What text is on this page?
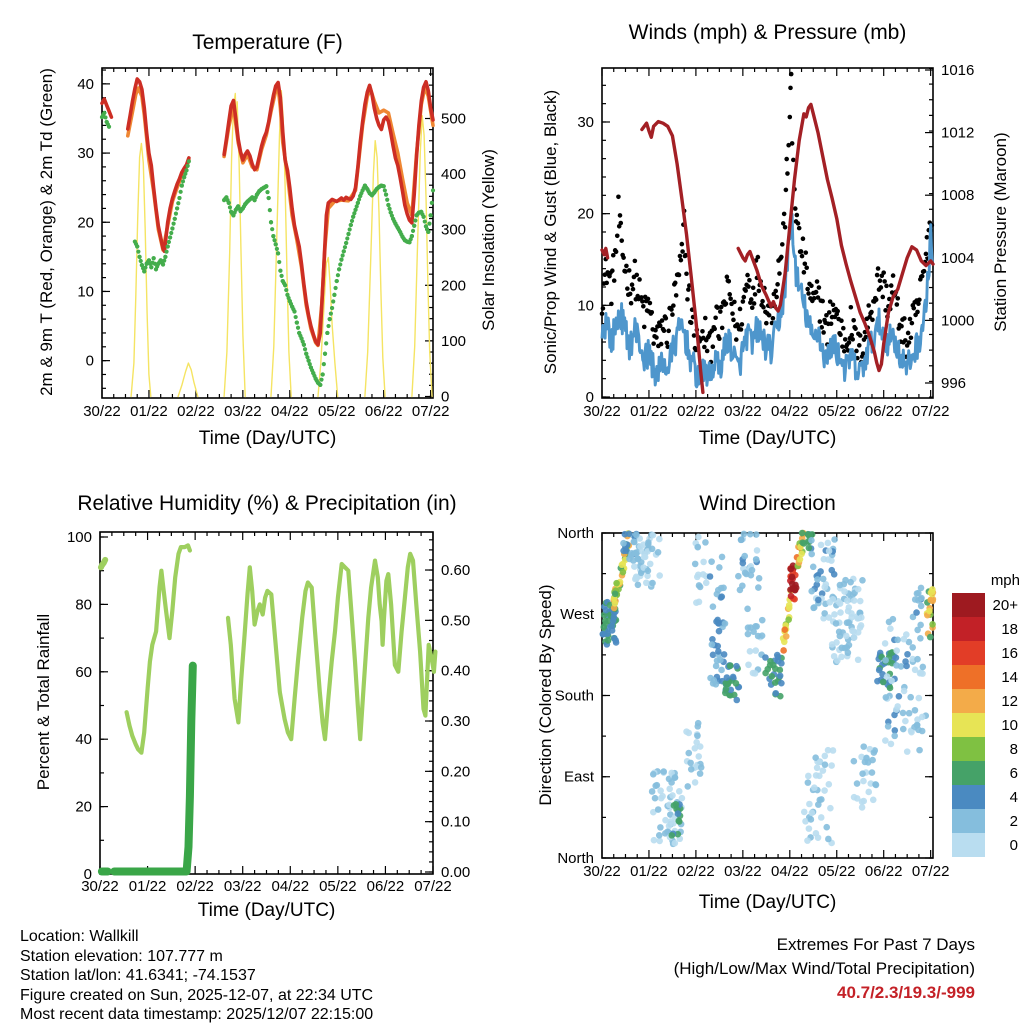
30/22 01/22 02/22 03/22 04/22 05/22 06/22 07/22
0
10
20
30
40
0
100
200
300
400
500
30/22 01/22 02/22 03/22 04/22 05/22 06/22 07/22
0
10
20
30
996
1000
1004
1008
1012
1016
30/22 01/22 02/22 03/22 04/22 05/22 06/22 07/22
0
20
40
60
80
100
0.00
0.10
0.20
0.30
0.40
0.50
0.60
30/22 01/22 02/22 03/22 04/22 05/22 06/22 07/22
North
West
South
East
North
mph
20+
18
16
14
12
10
8
6
4
2
0
Temperature (F)	Winds (mph) & Pressure (mb)
Relative Humidity (%) & Precipitation (in)	Wind Direction
Time (Day/UTC)	Time (Day/UTC)
Time (Day/UTC)	Time (Day/UTC)
2m & 9m T (Red, Orange) & 2m Td (Green)	Solar Insolation (Yellow)	Sonic/Prop Wind & Gust (Blue, Black)	Station Pressure (Maroon)
Percent & Total Rainfall	Direction (Colored By Speed)
Location: Wallkill
Station elevation: 107.777 m
Station lat/lon: 41.6341; -74.1537
Figure created on Sun, 2025-12-07, at 22:34 UTC
Most recent data timestamp: 2025/12/07 22:15:00
Extremes For Past 7 Days
(High/Low/Max Wind/Total Precipitation)
40.7/2.3/19.3/-999
